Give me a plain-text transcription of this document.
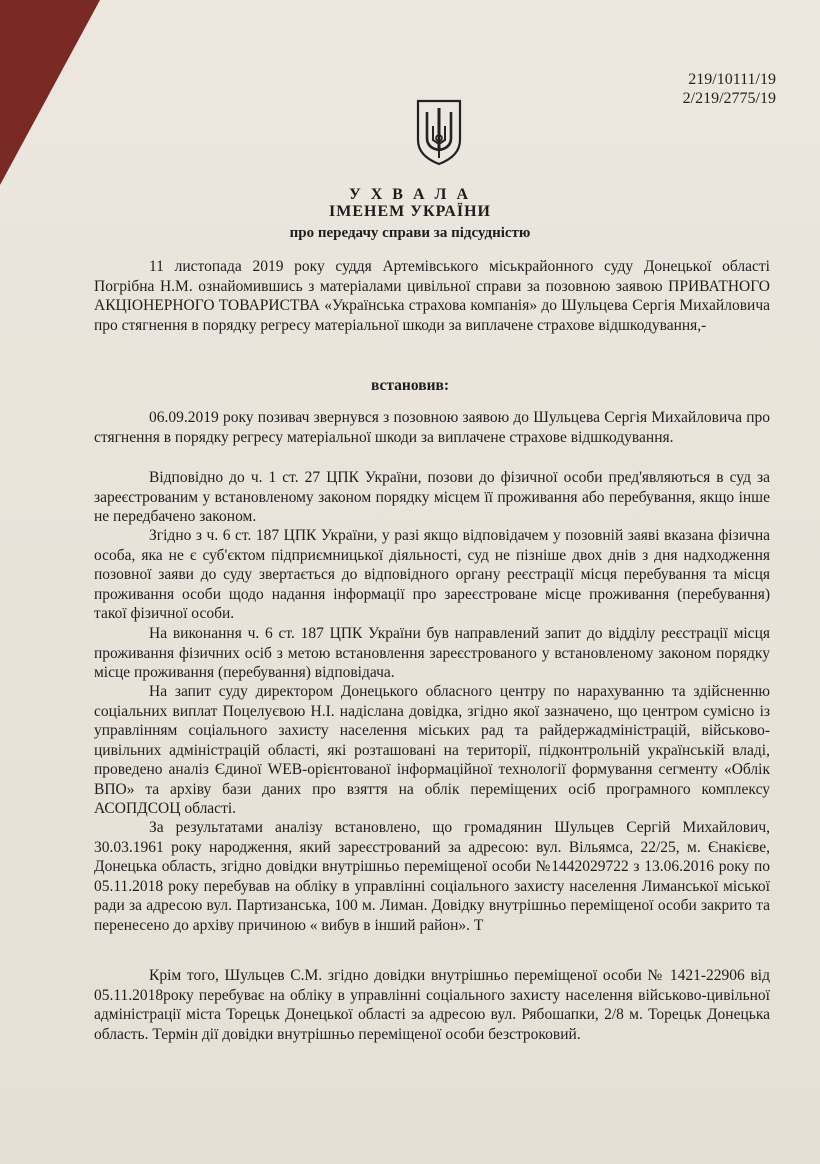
219/10111/19
2/219/2775/19
У Х В А Л А
ІМЕНЕМ УКРАЇНИ
про передачу справи за підсудністю

11 листопада 2019 року суддя Артемівського міськрайонного суду Донецької області Погрібна Н.М. ознайомившись з матеріалами цивільної справи за позовною заявою ПРИВАТНОГО АКЦІОНЕРНОГО ТОВАРИСТВА «Українська страхова компанія» до Шульцева Сергія Михайловича про стягнення в порядку регресу матеріальної шкоди за виплачене страхове відшкодування,-

встановив:

06.09.2019 року позивач звернувся з позовною заявою до Шульцева Сергія Михайловича про стягнення в порядку регресу матеріальної шкоди за виплачене страхове відшкодування.

Відповідно до ч. 1 ст. 27 ЦПК України, позови до фізичної особи пред'являються в суд за зареєстрованим у встановленому законом порядку місцем її проживання або перебування, якщо інше не передбачено законом.

Згідно з ч. 6 ст. 187 ЦПК України, у разі якщо відповідачем у позовній заяві вказана фізична особа, яка не є суб'єктом підприємницької діяльності, суд не пізніше двох днів з дня надходження позовної заяви до суду звертається до відповідного органу реєстрації місця перебування та місця проживання особи щодо надання інформації про зареєстроване місце проживання (перебування) такої фізичної особи.

На виконання ч. 6 ст. 187 ЦПК України був направлений запит до відділу реєстрації місця проживання фізичних осіб з метою встановлення зареєстрованого у встановленому законом порядку місце проживання (перебування) відповідача.

На запит суду директором Донецького обласного центру по нарахуванню та здійсненню соціальних виплат Поцелуєвою Н.І. надіслана довідка, згідно якої зазначено, що центром сумісно із управлінням соціального захисту населення міських рад та райдержадміністрацій, військово-цивільних адміністрацій області, які розташовані на території, підконтрольній українській владі, проведено аналіз Єдиної WEB-орієнтованої інформаційної технології формування сегменту «Облік ВПО» та архіву бази даних про взяття на облік переміщених осіб програмного комплексу АСОПДСОЦ області.

За результатами аналізу встановлено, що громадянин Шульцев Сергій Михайлович, 30.03.1961 року народження, який зареєстрований за адресою: вул. Вільямса, 22/25, м. Єнакієве, Донецька область, згідно довідки внутрішньо переміщеної особи №1442029722 з 13.06.2016 року по 05.11.2018 року перебував на обліку в управлінні соціального захисту населення Лиманської міської ради за адресою вул. Партизанська, 100 м. Лиман. Довідку внутрішньо переміщеної особи закрито та перенесено до архіву причиною « вибув в інший район». Т

Крім того, Шульцев С.М. згідно довідки внутрішньо переміщеної особи № 1421-22906 від 05.11.2018року перебуває на обліку в управлінні соціального захисту населення військово-цивільної адміністрації міста Торецьк Донецької області за адресою вул. Рябошапки, 2/8 м. Торецьк Донецька область. Термін дії довідки внутрішньо переміщеної особи безстроковий.
